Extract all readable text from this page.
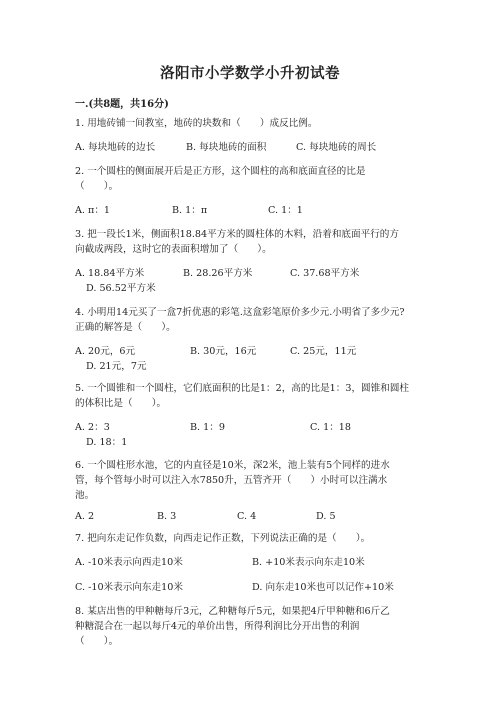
洛阳市小学数学小升初试卷
一.(共8题，共16分)
1. 用地砖铺一间教室，地砖的块数和（　　）成反比例。
A. 每块地砖的边长	B. 每块地砖的面积	C. 每块地砖的周长
2. 一个圆柱的侧面展开后是正方形，这个圆柱的高和底面直径的比是
（　　）。
A. π：1	B. 1：π	C. 1：1
3. 把一段长1米，侧面积18.84平方米的圆柱体的木料，沿着和底面平行的方
向截成两段，这时它的表面积增加了（　　）。
A. 18.84平方米	B. 28.26平方米	C. 37.68平方米
D. 56.52平方米
4. 小明用14元买了一盒7折优惠的彩笔.这盒彩笔原价多少元.小明省了多少元?
正确的解答是（　　）。
A. 20元，6元	B. 30元，16元	C. 25元，11元
D. 21元，7元
5. 一个圆锥和一个圆柱，它们底面积的比是1：2，高的比是1：3，圆锥和圆柱
的体积比是（　　）。
A. 2：3	B. 1：9	C. 1：18
D. 18：1
6. 一个圆柱形水池，它的内直径是10米，深2米，池上装有5个同样的进水
管，每个管每小时可以注入水7850升，五管齐开（　　）小时可以注满水
池。
A. 2	B. 3	C. 4	D. 5
7. 把向东走记作负数，向西走记作正数，下列说法正确的是（　　）。
A. -10米表示向西走10米	B. +10米表示向东走10米
C. -10米表示向东走10米	D. 向东走10米也可以记作+10米
8. 某店出售的甲种糖每斤3元，乙种糖每斤5元，如果把4斤甲种糖和6斤乙
种糖混合在一起以每斤4元的单价出售，所得利润比分开出售的利润
（　　）。
